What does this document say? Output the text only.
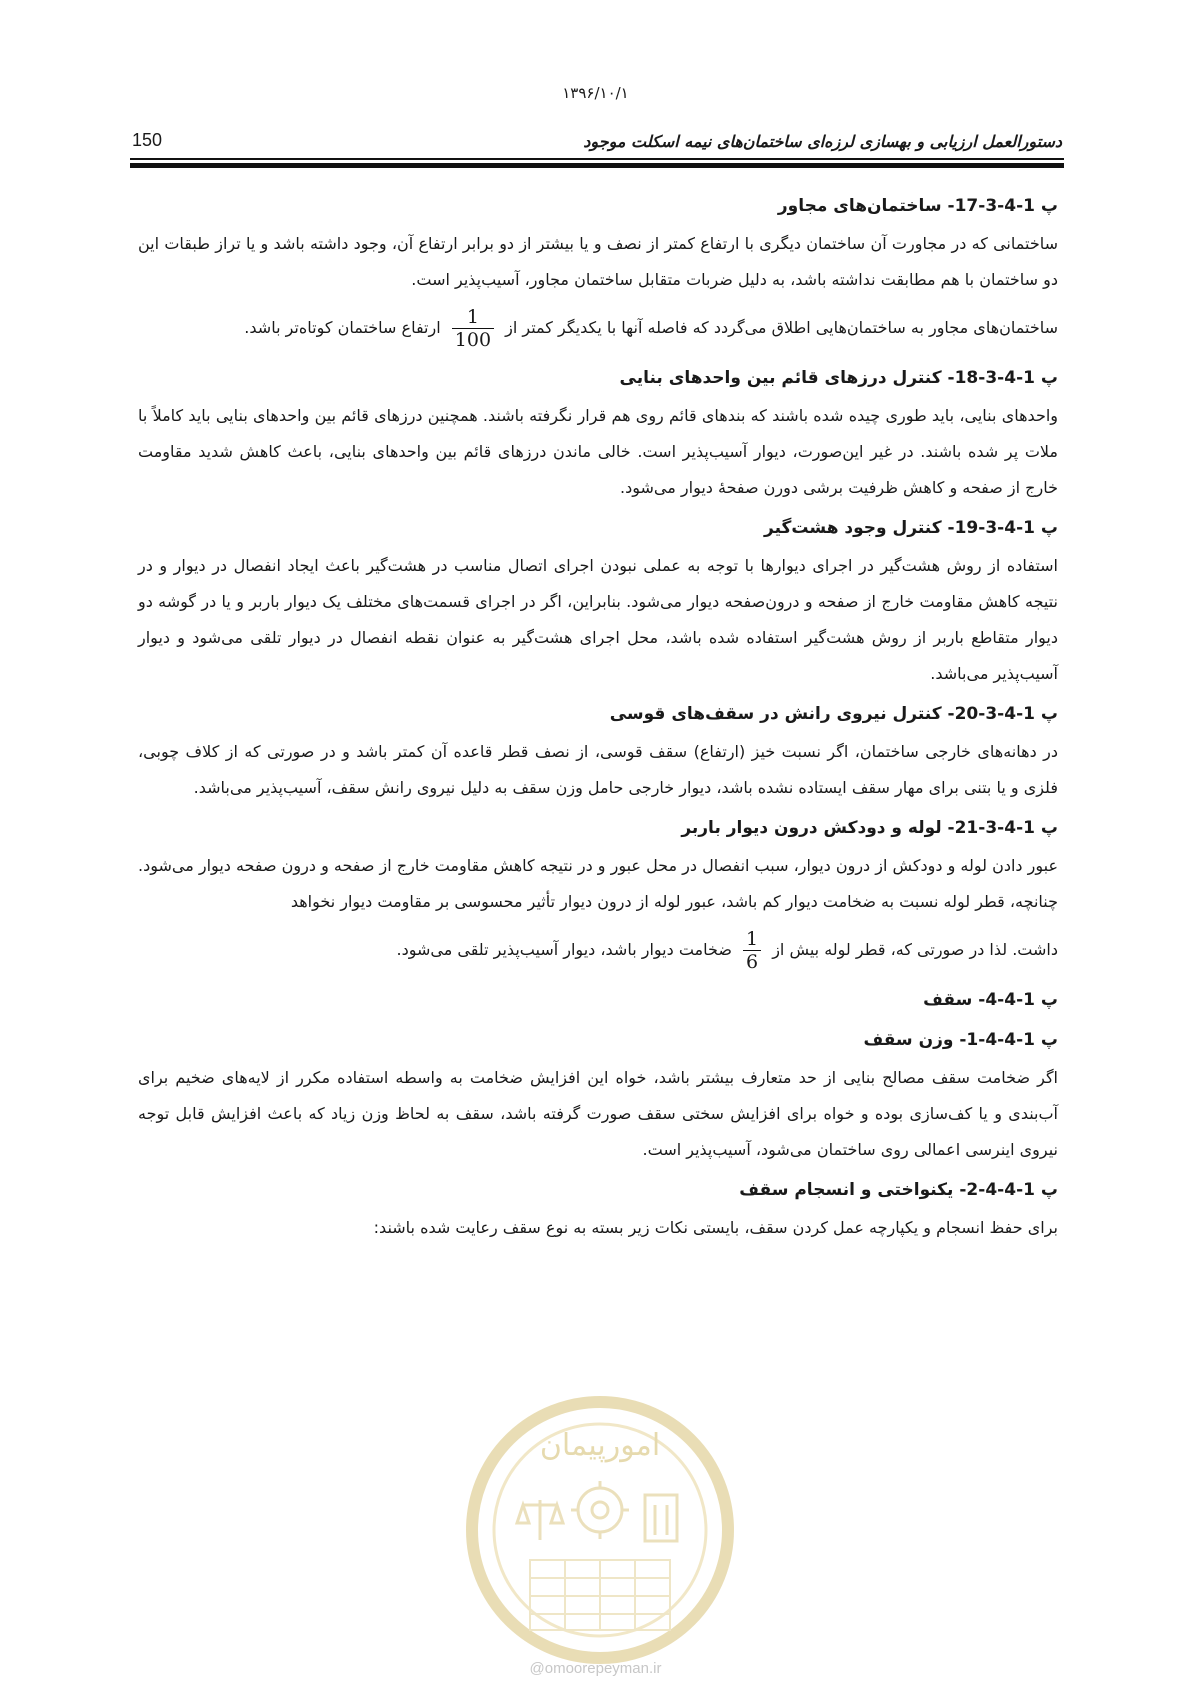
۱۳۹۶/۱۰/۱
150	دستورالعمل ارزیابی و بهسازی لرزه‌ای ساختمان‌های نیمه اسکلت موجود

پ 1-4-3-17- ساختمان‌های مجاور

ساختمانی که در مجاورت آن ساختمان دیگری با ارتفاع کمتر از نصف و یا بیشتر از دو برابر ارتفاع آن، وجود داشته باشد و یا تراز طبقات این دو ساختمان با هم مطابقت نداشته باشد، به دلیل ضربات متقابل ساختمان مجاور، آسیب‌پذیر است.

ساختمان‌های مجاور به ساختمان‌هایی اطلاق می‌گردد که فاصله آنها با یکدیگر کمتر از
$\frac{1}{100}$
ارتفاع ساختمان کوتاه‌تر باشد.

پ 1-4-3-18- کنترل درزهای قائم بین واحدهای بنایی

واحدهای بنایی، باید طوری چیده شده باشند که بندهای قائم روی هم قرار نگرفته باشند. همچنین درزهای قائم بین واحدهای بنایی باید کاملاً با ملات پر شده باشند. در غیر این‌صورت، دیوار آسیب‌پذیر است. خالی ماندن درزهای قائم بین واحدهای بنایی، باعث کاهش شدید مقاومت خارج از صفحه و کاهش ظرفیت برشی دورن صفحهٔ دیوار می‌شود.

پ 1-4-3-19- کنترل وجود هشت‌گیر

استفاده از روش هشت‌گیر در اجرای دیوارها با توجه به عملی نبودن اجرای اتصال مناسب در هشت‌گیر باعث ایجاد انفصال در دیوار و در نتیجه کاهش مقاومت خارج از صفحه و درون‌صفحه دیوار می‌شود. بنابراین، اگر در اجرای قسمت‌های مختلف یک دیوار باربر و یا در گوشه دو دیوار متقاطع باربر از روش هشت‌گیر استفاده شده باشد، محل اجرای هشت‌گیر به عنوان نقطه انفصال در دیوار تلقی می‌شود و دیوار آسیب‌پذیر می‌باشد.

پ 1-4-3-20- کنترل نیروی رانش در سقف‌های قوسی

در دهانه‌های خارجی ساختمان، اگر نسبت خیز (ارتفاع) سقف قوسی، از نصف قطر قاعده آن کمتر باشد و در صورتی که از کلاف چوبی، فلزی و یا بتنی برای مهار سقف ایستاده نشده باشد، دیوار خارجی حامل وزن سقف به دلیل نیروی رانش سقف، آسیب‌پذیر می‌باشد.

پ 1-4-3-21- لوله و دودکش درون دیوار باربر

عبور دادن لوله و دودکش از درون دیوار، سبب انفصال در محل عبور و در نتیجه کاهش مقاومت خارج از صفحه و درون صفحه دیوار می‌شود. چنانچه، قطر لوله نسبت به ضخامت دیوار کم باشد، عبور لوله از درون دیوار تأثیر محسوسی بر مقاومت دیوار نخواهد

داشت. لذا در صورتی که، قطر لوله بیش از
$\frac{1}{6}$
ضخامت دیوار باشد، دیوار آسیب‌پذیر تلقی می‌شود.

پ 1-4-4- سقف

پ 1-4-4-1- وزن سقف

اگر ضخامت سقف مصالح بنایی از حد متعارف بیشتر باشد، خواه این افزایش ضخامت به واسطه استفاده مکرر از لایه‌های ضخیم برای آب‌بندی و یا کف‌سازی بوده و خواه برای افزایش سختی سقف صورت گرفته باشد، سقف به لحاظ وزن زیاد که باعث افزایش قابل توجه نیروی اینرسی اعمالی روی ساختمان می‌شود، آسیب‌پذیر است.

پ 1-4-4-2- یکنواختی و انسجام سقف

برای حفظ انسجام و یکپارچه عمل کردن سقف، بایستی نکات زیر بسته به نوع سقف رعایت شده باشند:

امورپیمان
@omoorepeyman.ir
